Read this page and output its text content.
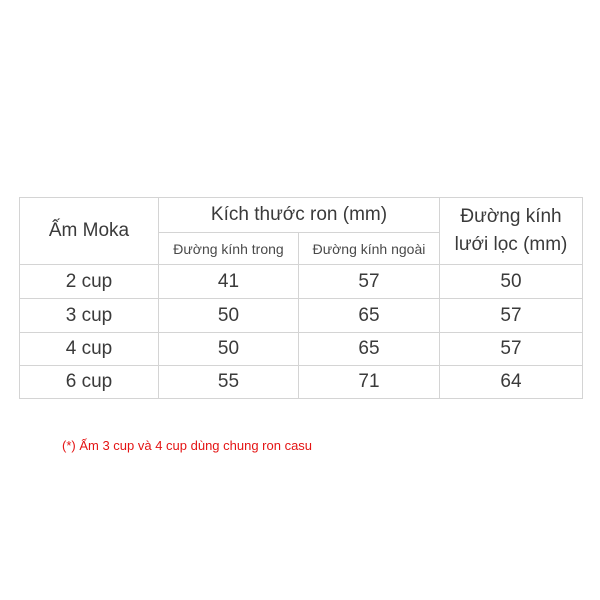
Ấm Moka	Kích thước ron (mm)		Đường kính
lưới lọc (mm)

	Đường kính trong	Đường kính ngoài	
2 cup	41	57	50
3 cup	50	65	57
4 cup	50	65	57
6 cup	55	71	64
(*) Ấm 3 cup và 4 cup dùng chung ron casu
